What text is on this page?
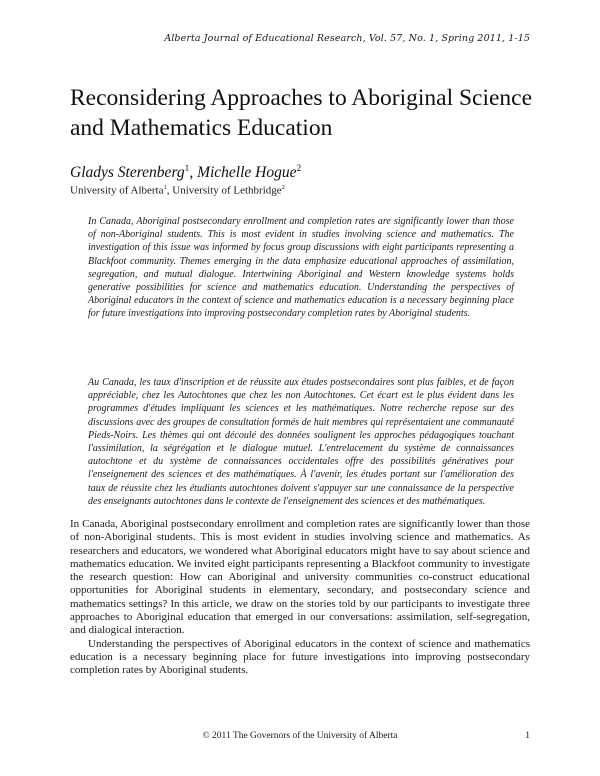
Alberta Journal of Educational Research, Vol. 57, No. 1, Spring 2011, 1-15
Reconsidering Approaches to Aboriginal Science and Mathematics Education
Gladys Sterenberg$^1$, Michelle Hogue$^2$
University of Alberta$^1$, University of Lethbridge$^2$

In Canada, Aboriginal postsecondary enrollment and completion rates are significantly lower than those of non-Aboriginal students. This is most evident in studies involving science and mathematics. The investigation of this issue was informed by focus group discussions with eight participants representing a Blackfoot community. Themes emerging in the data emphasize educational approaches of assimilation, segregation, and mutual dialogue. Intertwining Aboriginal and Western knowledge systems holds generative possibilities for science and mathematics education. Understanding the perspectives of Aboriginal educators in the context of science and mathematics education is a necessary beginning place for future investigations into improving postsecondary completion rates by Aboriginal students.

Au Canada, les taux d'inscription et de réussite aux études postsecondaires sont plus faibles, et de façon appréciable, chez les Autochtones que chez les non Autochtones. Cet écart est le plus évident dans les programmes d'études impliquant les sciences et les mathématiques. Notre recherche repose sur des discussions avec des groupes de consultation formés de huit membres qui représentaient une communauté Pieds-Noirs. Les thèmes qui ont découlé des données soulignent les approches pédagogiques touchant l'assimilation, la ségrégation et le dialogue mutuel. L'entrelacement du système de connaissances autochtone et du système de connaissances occidentales offre des possibilités génératives pour l'enseignement des sciences et des mathématiques. À l'avenir, les études portant sur l'amélioration des taux de réussite chez les étudiants autochtones doivent s'appuyer sur une connaissance de la perspective des enseignants autochtones dans le contexte de l'enseignement des sciences et des mathématiques.

In Canada, Aboriginal postsecondary enrollment and completion rates are significantly lower than those of non-Aboriginal students. This is most evident in studies involving science and mathematics. As researchers and educators, we wondered what Aboriginal educators might have to say about science and mathematics education. We invited eight participants representing a Blackfoot community to investigate the research question: How can Aboriginal and university communities co-construct educational opportunities for Aboriginal students in elementary, secondary, and postsecondary science and mathematics settings? In this article, we draw on the stories told by our participants to investigate three approaches to Aboriginal education that emerged in our conversations: assimilation, self-segregation, and dialogical interaction.

Understanding the perspectives of Aboriginal educators in the context of science and mathematics education is a necessary beginning place for future investigations into improving postsecondary completion rates by Aboriginal students.

© 2011 The Governors of the University of Alberta	1
